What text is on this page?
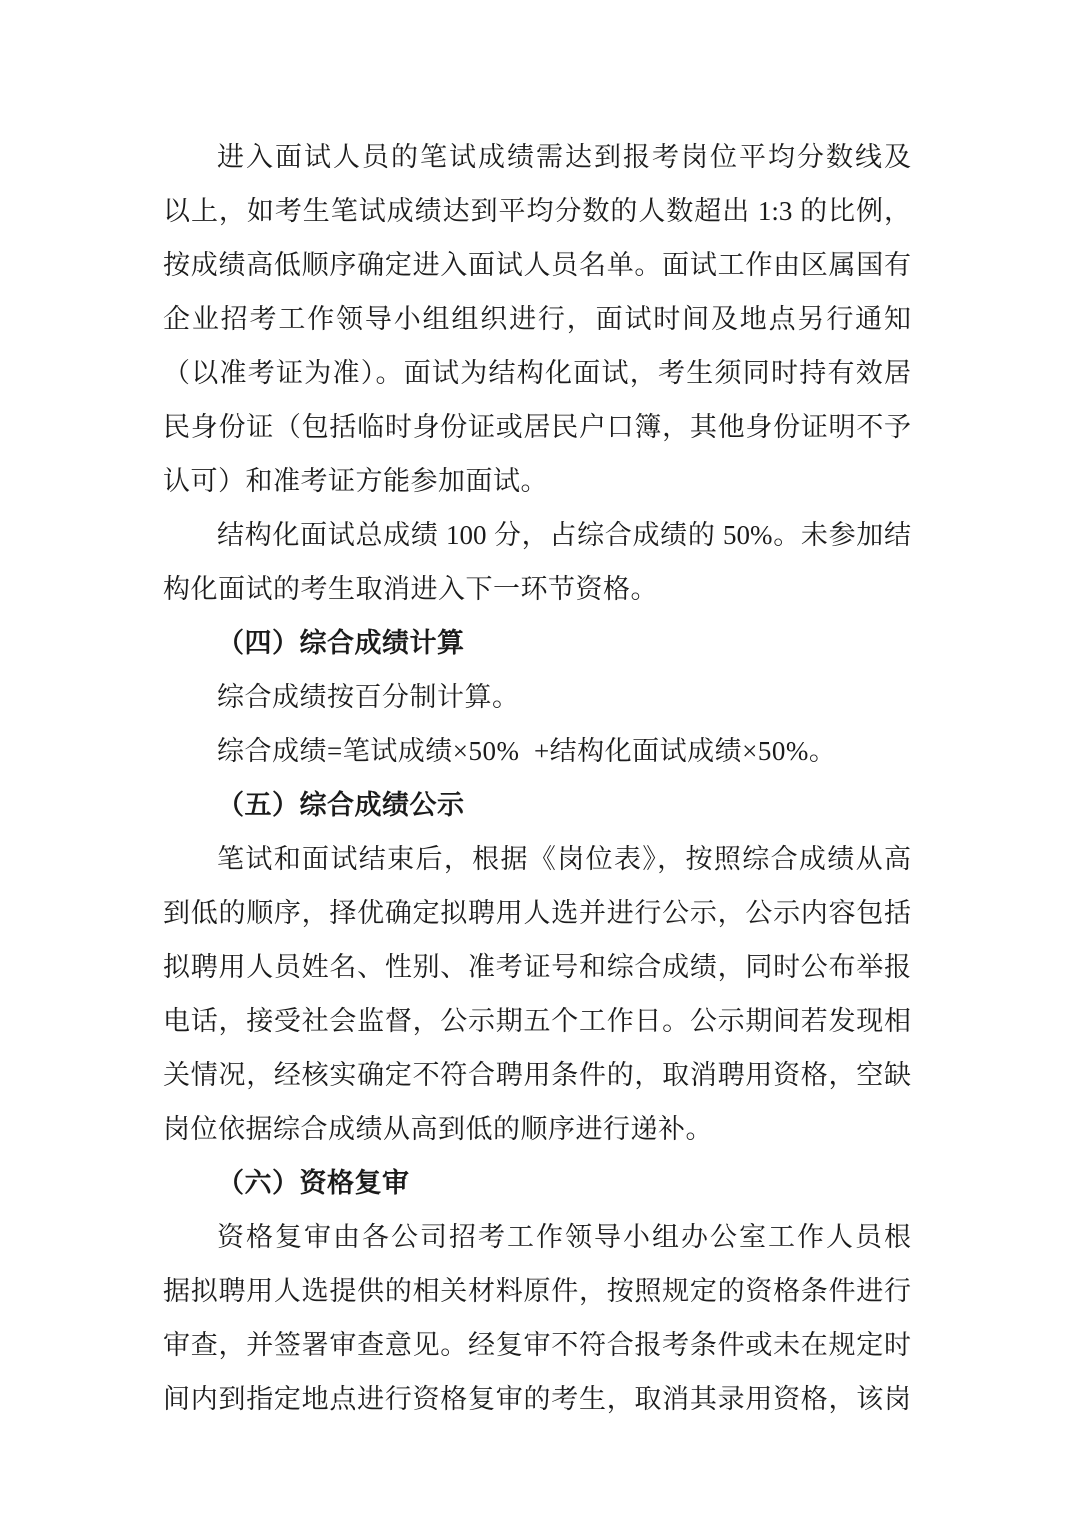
进入面试人员的笔试成绩需达到报考岗位平均分数线及
以上，如考生笔试成绩达到平均分数的人数超出 1:3 的比例，
按成绩高低顺序确定进入面试人员名单。面试工作由区属国有
企业招考工作领导小组组织进行，面试时间及地点另行通知
（以准考证为准）。面试为结构化面试，考生须同时持有效居
民身份证（包括临时身份证或居民户口簿，其他身份证明不予
认可）和准考证方能参加面试。
结构化面试总成绩 100 分，占综合成绩的 50%。未参加结
构化面试的考生取消进入下一环节资格。
（四）综合成绩计算
综合成绩按百分制计算。
综合成绩=笔试成绩×50%  +结构化面试成绩×50%。
（五）综合成绩公示
笔试和面试结束后，根据《岗位表》，按照综合成绩从高
到低的顺序，择优确定拟聘用人选并进行公示，公示内容包括
拟聘用人员姓名、性别、准考证号和综合成绩，同时公布举报
电话，接受社会监督，公示期五个工作日。公示期间若发现相
关情况，经核实确定不符合聘用条件的，取消聘用资格，空缺
岗位依据综合成绩从高到低的顺序进行递补。
（六）资格复审
资格复审由各公司招考工作领导小组办公室工作人员根
据拟聘用人选提供的相关材料原件，按照规定的资格条件进行
审查，并签署审查意见。经复审不符合报考条件或未在规定时
间内到指定地点进行资格复审的考生，取消其录用资格，该岗
